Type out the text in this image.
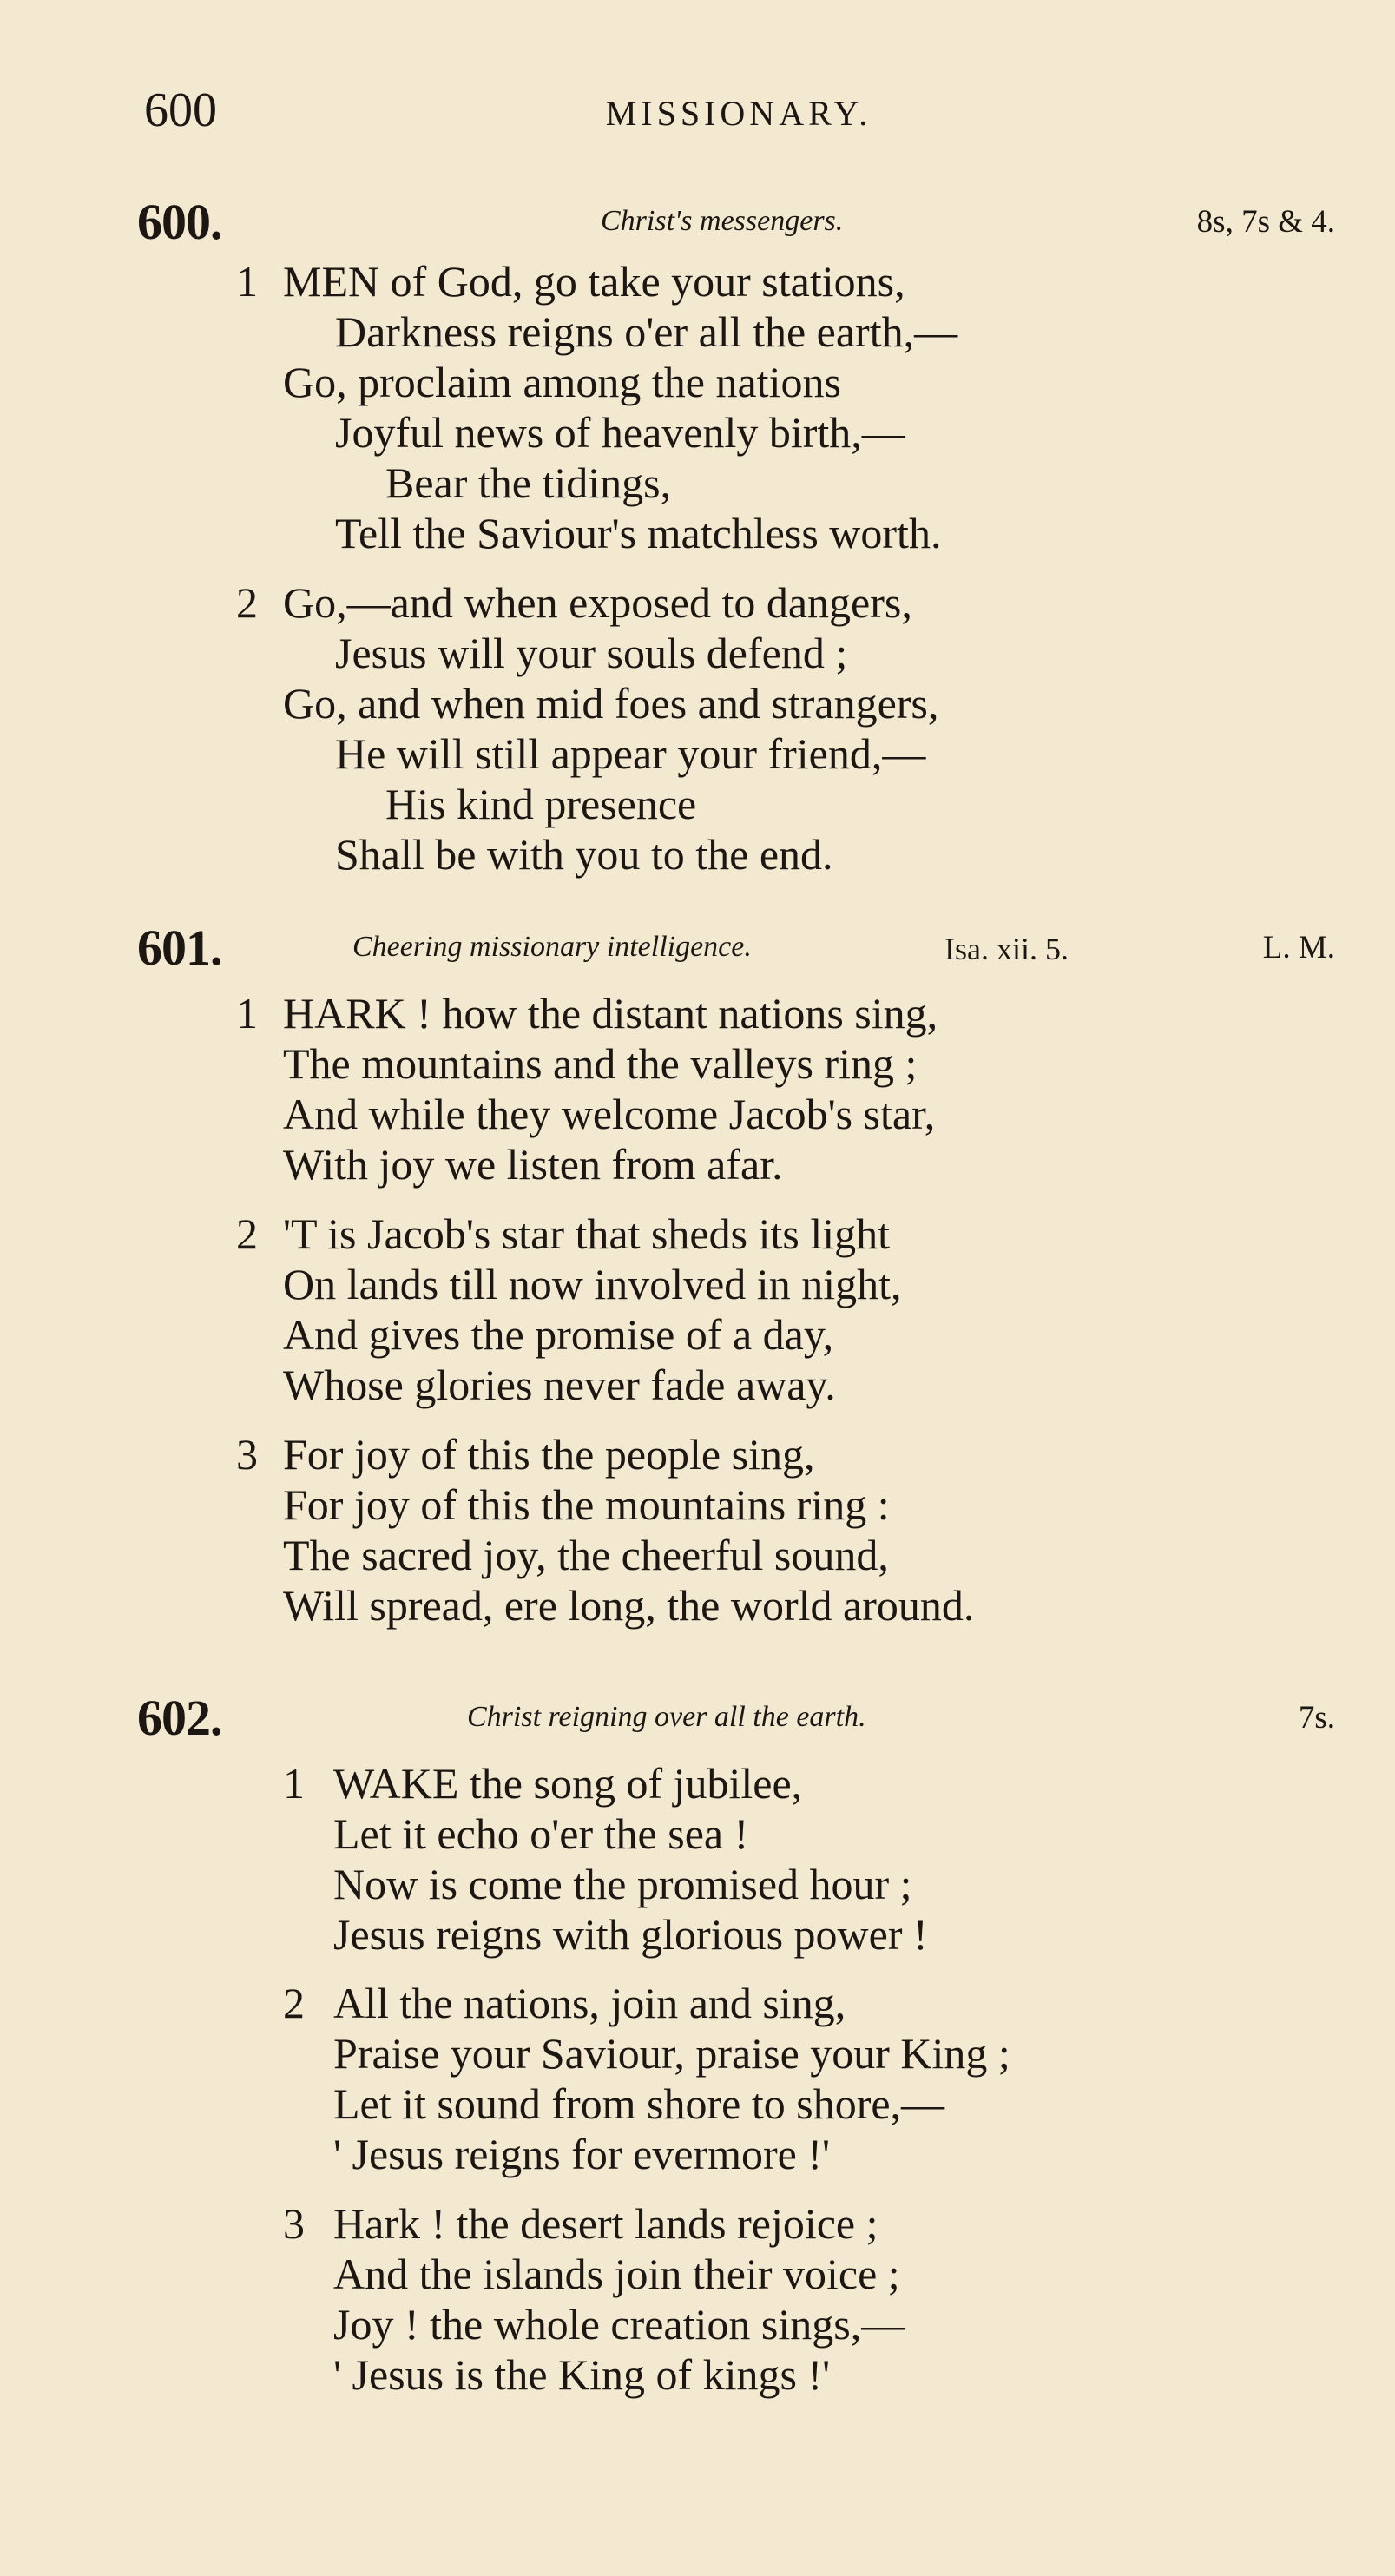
600	MISSIONARY.
600.	Christ's messengers.	8s, 7s & 4.
1 MEN of God, go take your stations,
Darkness reigns o'er all the earth,—
Go, proclaim among the nations
Joyful news of heavenly birth,—
Bear the tidings,
Tell the Saviour's matchless worth.
2 Go,—and when exposed to dangers,
Jesus will your souls defend ;
Go, and when mid foes and strangers,
He will still appear your friend,—
His kind presence
Shall be with you to the end.
601.	Cheering missionary intelligence.	Isa. xii. 5.	L. M.
1 HARK ! how the distant nations sing,
The mountains and the valleys ring ;
And while they welcome Jacob's star,
With joy we listen from afar.
2 'T is Jacob's star that sheds its light
On lands till now involved in night,
And gives the promise of a day,
Whose glories never fade away.
3 For joy of this the people sing,
For joy of this the mountains ring :
The sacred joy, the cheerful sound,
Will spread, ere long, the world around.
602.	Christ reigning over all the earth.	7s.
1 WAKE the song of jubilee,
Let it echo o'er the sea !
Now is come the promised hour ;
Jesus reigns with glorious power !
2 All the nations, join and sing,
Praise your Saviour, praise your King ;
Let it sound from shore to shore,—
' Jesus reigns for evermore !'
3 Hark ! the desert lands rejoice ;
And the islands join their voice ;
Joy ! the whole creation sings,—
' Jesus is the King of kings !'
